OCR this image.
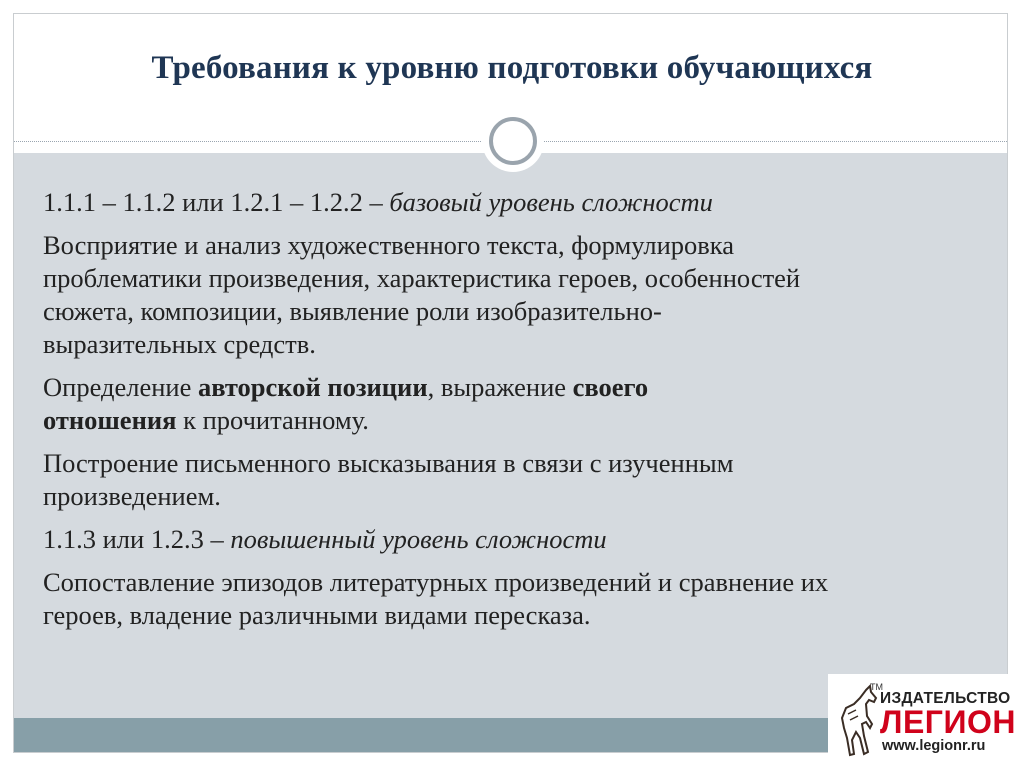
Требования к уровню подготовки обучающихся

1.1.1 – 1.1.2 или 1.2.1 – 1.2.2 – базовый уровень сложности

Восприятие и анализ художественного текста, формулировка
проблематики произведения, характеристика героев, особенностей
сюжета, композиции, выявление роли изобразительно-
выразительных средств.

Определение авторской позиции, выражение своего
отношения к прочитанному.

Построение письменного высказывания в связи с изученным
произведением.

1.1.3 или 1.2.3 – повышенный уровень сложности

Сопоставление эпизодов литературных произведений и сравнение их
героев, владение различными видами пересказа.

TM
ИЗДАТЕЛЬСТВО
ЛЕГИОН
www.legionr.ru
